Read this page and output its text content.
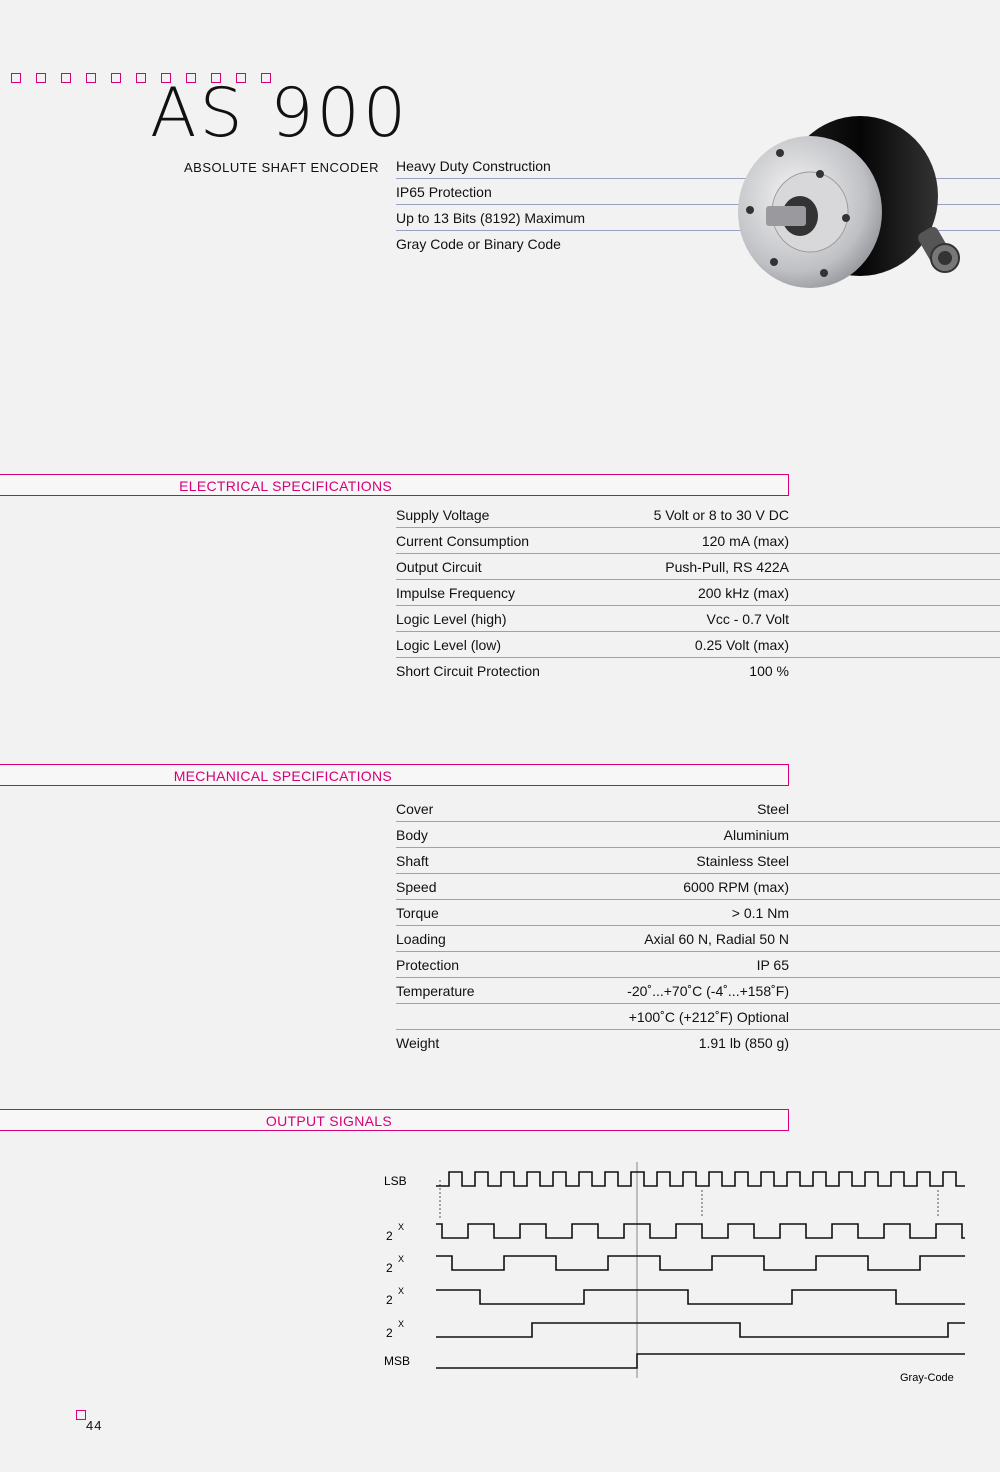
AS 900
ABSOLUTE SHAFT ENCODER Heavy Duty Construction
IP65 Protection
Up to 13 Bits (8192) Maximum
Gray Code or Binary Code
ELECTRICAL SPECIFICATIONS
Supply Voltage	5 Volt or 8 to 30 V DC
Current Consumption	120 mA (max)
Output Circuit	Push-Pull, RS 422A
Impulse Frequency	200 kHz (max)
Logic Level (high)	Vcc - 0.7 Volt
Logic Level (low)	0.25 Volt (max)
Short Circuit Protection	100 %
MECHANICAL SPECIFICATIONS
Cover	Steel
Body	Aluminium
Shaft	Stainless Steel
Speed	6000 RPM (max)
Torque	> 0.1 Nm
Loading	Axial 60 N, Radial 50 N
Protection	IP 65
Temperature	-20˚...+70˚C (-4˚...+158˚F)
+100˚C (+212˚F) Optional
Weight	1.91 lb (850 g)
OUTPUT SIGNALS
LSB
2
X
2
X
2
X
2
X
MSB
Gray-Code
44
